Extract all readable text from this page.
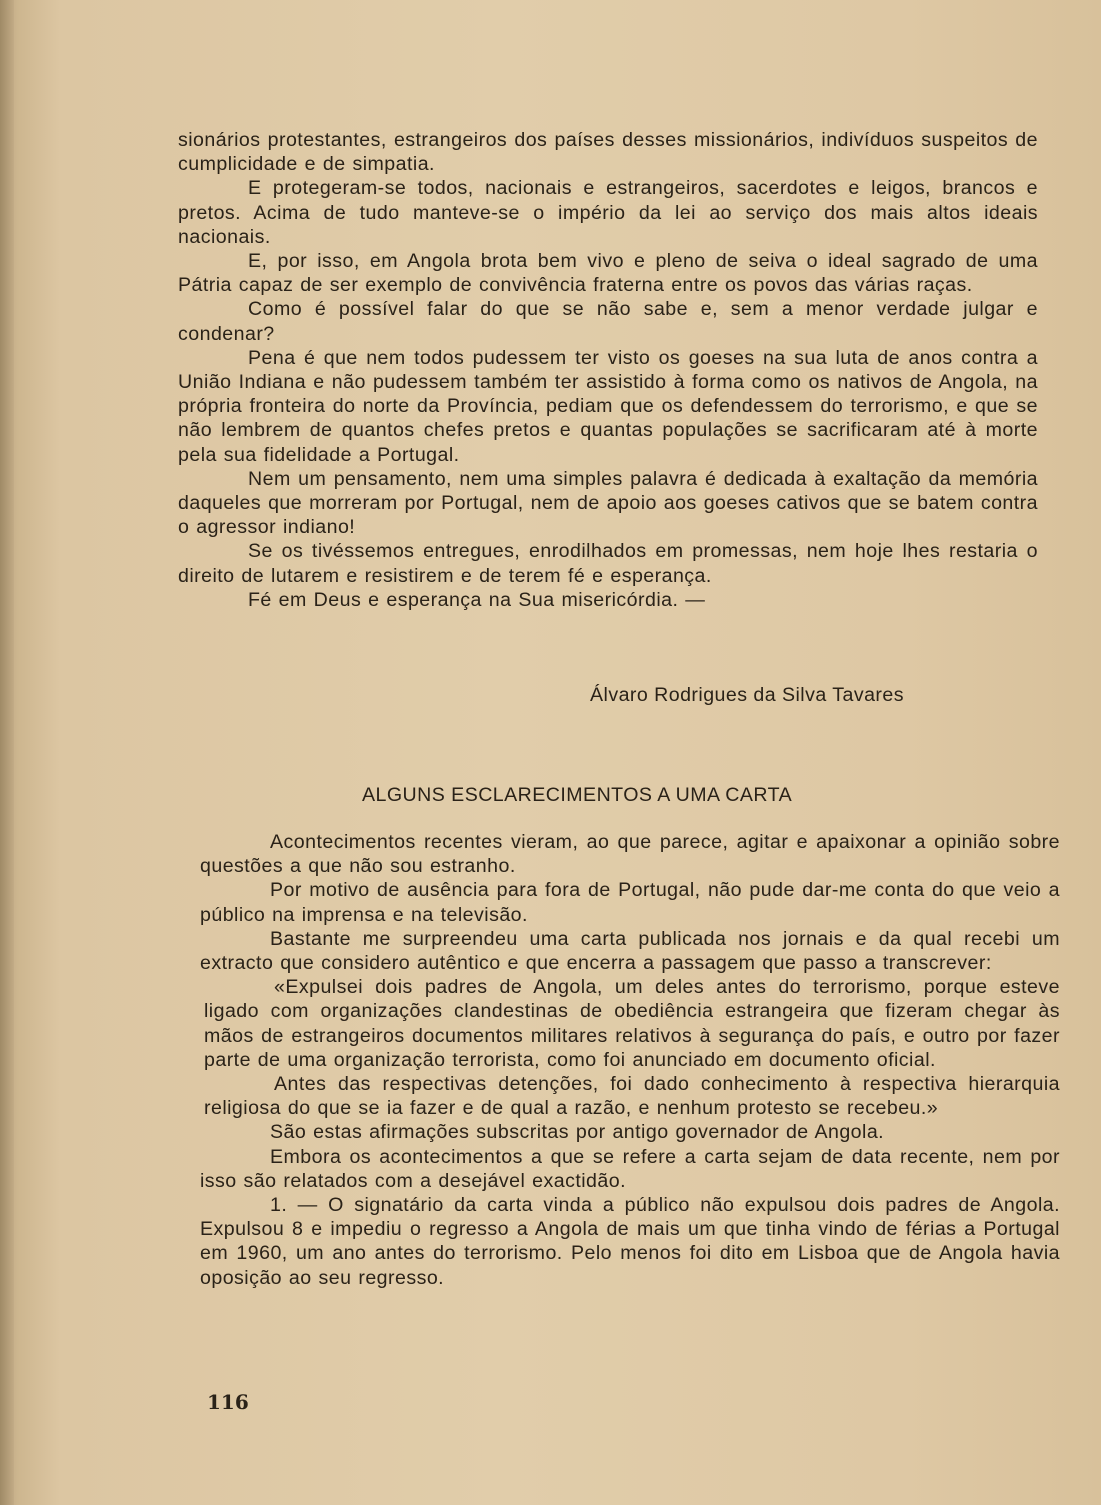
sionários protestantes, estrangeiros dos países desses missionários, indivíduos suspeitos de cumplicidade e de simpatia.

E protegeram-se todos, nacionais e estrangeiros, sacerdotes e leigos, brancos e pretos. Acima de tudo manteve-se o império da lei ao serviço dos mais altos ideais nacionais.

E, por isso, em Angola brota bem vivo e pleno de seiva o ideal sagrado de uma Pátria capaz de ser exemplo de convivência fraterna entre os povos das várias raças.

Como é possível falar do que se não sabe e, sem a menor verdade julgar e condenar?

Pena é que nem todos pudessem ter visto os goeses na sua luta de anos contra a União Indiana e não pudessem também ter assistido à forma como os nativos de Angola, na própria fronteira do norte da Província, pediam que os defendessem do terrorismo, e que se não lembrem de quantos chefes pretos e quantas populações se sacrificaram até à morte pela sua fidelidade a Portugal.

Nem um pensamento, nem uma simples palavra é dedicada à exaltação da memória daqueles que morreram por Portugal, nem de apoio aos goeses cativos que se batem contra o agressor indiano!

Se os tivéssemos entregues, enrodilhados em promessas, nem hoje lhes restaria o direito de lutarem e resistirem e de terem fé e esperança.

Fé em Deus e esperança na Sua misericórdia. —

Álvaro Rodrigues da Silva Tavares
ALGUNS ESCLARECIMENTOS A UMA CARTA

Acontecimentos recentes vieram, ao que parece, agitar e apaixonar a opinião sobre questões a que não sou estranho.

Por motivo de ausência para fora de Portugal, não pude dar-me conta do que veio a público na imprensa e na televisão.

Bastante me surpreendeu uma carta publicada nos jornais e da qual recebi um extracto que considero autêntico e que encerra a passagem que passo a transcrever:

«Expulsei dois padres de Angola, um deles antes do terrorismo, porque esteve ligado com organizações clandestinas de obediência estrangeira que fizeram chegar às mãos de estrangeiros documentos militares relativos à segurança do país, e outro por fazer parte de uma organização terrorista, como foi anunciado em documento oficial.

Antes das respectivas detenções, foi dado conhecimento à respectiva hierarquia religiosa do que se ia fazer e de qual a razão, e nenhum protesto se recebeu.»

São estas afirmações subscritas por antigo governador de Angola.

Embora os acontecimentos a que se refere a carta sejam de data recente, nem por isso são relatados com a desejável exactidão.

1. — O signatário da carta vinda a público não expulsou dois padres de Angola. Expulsou 8 e impediu o regresso a Angola de mais um que tinha vindo de férias a Portugal em 1960, um ano antes do terrorismo. Pelo menos foi dito em Lisboa que de Angola havia oposição ao seu regresso.

116
